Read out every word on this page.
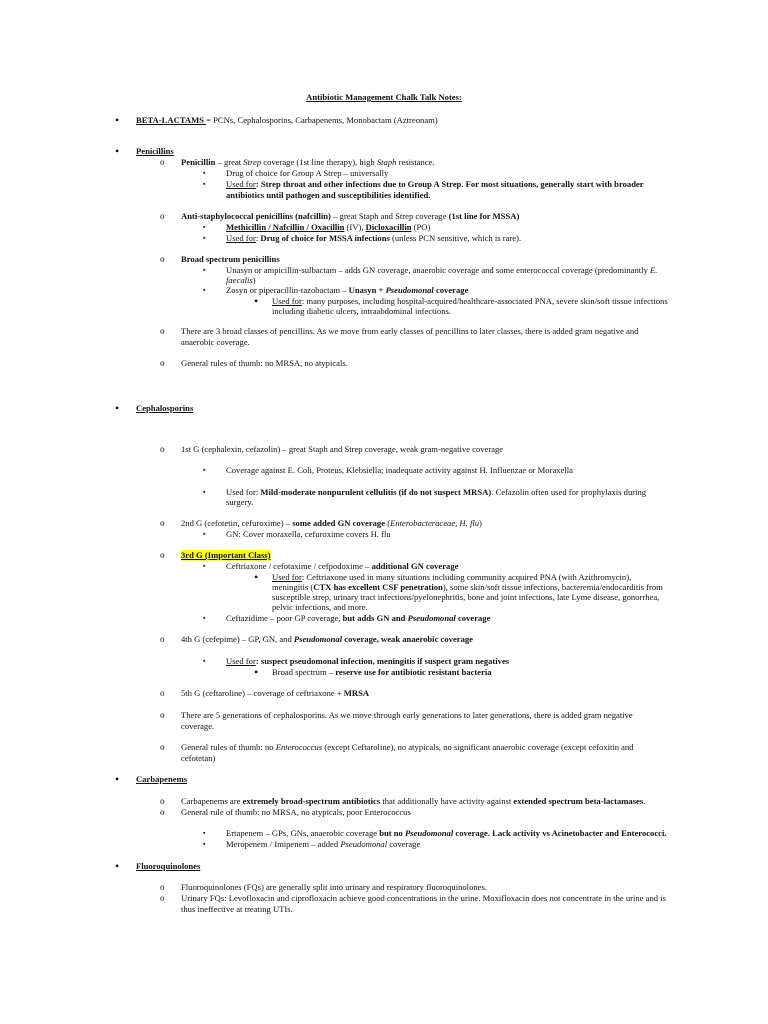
Antibiotic Management Chalk Talk Notes:
• BETA-LACTAMS = PCNs, Cephalosporins, Carbapenems, Monobactam (Aztreonam)
• Penicillins
o Penicillin – great Strep coverage (1st line therapy), high Staph resistance.
▪ Drug of choice for Group A Strep – universally
▪ Used for: Strep throat and other infections due to Group A Strep. For most situations, generally start with broader
antibiotics until pathogen and susceptibilities identified.
o Anti-staphylococcal penicillins (nafcillin) – great Staph and Strep coverage (1st line for MSSA)
▪ Methicillin / Nafcillin / Oxacillin (IV), Dicloxacillin (PO)
▪ Used for: Drug of choice for MSSA infections (unless PCN sensitive, which is rare).
o Broad spectrum penicillins
▪ Unasyn or ampicillin-sulbactam – adds GN coverage, anaerobic coverage and some enterococcal coverage (predominantly E.
faecalis)
▪ Zosyn or piperacillin-tazobactam – Unasyn + Pseudomonal coverage
• Used for: many purposes, including hospital-acquired/healthcare-associated PNA, severe skin/soft tissue infections
including diabetic ulcers, intraabdominal infections.
o There are 3 broad classes of pencillins. As we move from early classes of pencillins to later classes, there is added gram negative and
anaerobic coverage.
o General rules of thumb: no MRSA, no atypicals.
• Cephalosporins
o 1st G (cephalexin, cefazolin) – great Staph and Strep coverage, weak gram-negative coverage
▪ Coverage against E. Coli, Proteus, Klebsiella; inadequate activity against H. Influenzae or Moraxella
▪ Used for: Mild-moderate nonpurulent cellulitis (if do not suspect MRSA). Cefazolin often used for prophylaxis during
surgery.
o 2nd G (cefotetin, cefuroxime) – some added GN coverage (Enterobacteraceae, H. flu)
▪ GN: Cover moraxella, cefuroxime covers H. flu
o 3rd G (Important Class)
▪ Ceftriaxone / cefotaxime / cefpodoxime – additional GN coverage
• Used for: Ceftriaxone used in many situations including community acquired PNA (with Azithromycin),
meningitis (CTX has excellent CSF penetration), some skin/soft tissue infections, bacteremia/endocarditis from
susceptible strep, urinary tract infections/pyelonephritis, bone and joint infections, late Lyme disease, gonorrhea,
pelvic infections, and more.
▪ Ceftazidime – poor GP coverage, but adds GN and Pseudomonal coverage
o 4th G (cefepime) – GP, GN, and Pseudomonal coverage, weak anaerobic coverage
▪ Used for: suspect pseudomonal infection, meningitis if suspect gram negatives
• Broad spectrum – reserve use for antibiotic resistant bacteria
o 5th G (ceftaroline) – coverage of ceftriaxone + MRSA
o There are 5 generations of cephalosporins. As we move through early generations to later generations, there is added gram negative
coverage.
o General rules of thumb: no Enterococcus (except Ceftaroline), no atypicals, no significant anaerobic coverage (except cefoxitin and
cefotetan)
• Carbapenems
o Carbapenems are extremely broad-spectrum antibiotics that additionally have activity against extended spectrum beta-lactamases.
o General rule of thumb: no MRSA, no atypicals, poor Enterococcus
▪ Ertapenem – GPs, GNs, anaerobic coverage but no Pseudomonal coverage. Lack activity vs Acinetobacter and Enterococci.
▪ Meropenem / Imipenem – added Pseudomonal coverage
• Fluoroquinolones
o Fluoroquinolones (FQs) are generally split into urinary and respiratory fluoroquinolones.
o Urinary FQs: Levofloxacin and ciprofloxacin achieve good concentrations in the urine. Moxifloxacin does not concentrate in the urine and is
thus ineffective at treating UTIs.
